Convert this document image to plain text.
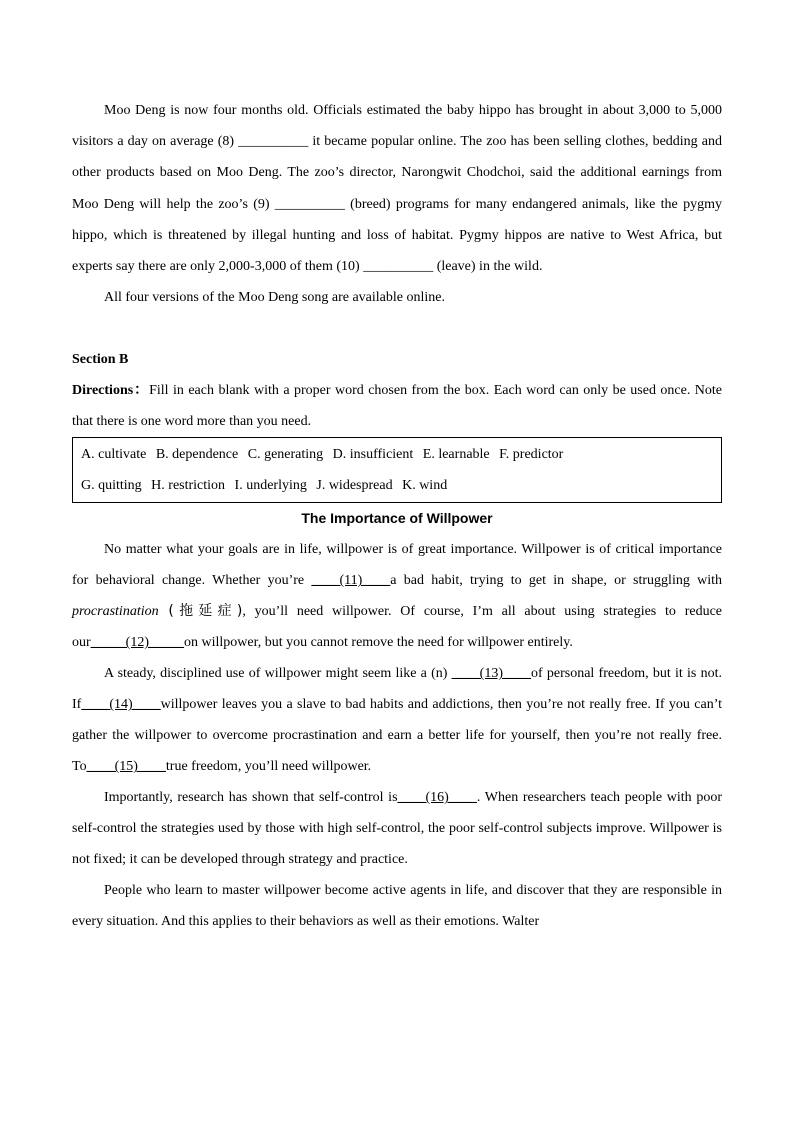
Moo Deng is now four months old. Officials estimated the baby hippo has brought in about 3,000 to 5,000 visitors a day on average (8) __________ it became popular online. The zoo has been selling clothes, bedding and other products based on Moo Deng. The zoo’s director, Narongwit Chodchoi, said the additional earnings from Moo Deng will help the zoo’s (9) __________ (breed) programs for many endangered animals, like the pygmy hippo, which is threatened by illegal hunting and loss of habitat. Pygmy hippos are native to West Africa, but experts say there are only 2,000-3,000 of them (10) __________ (leave) in the wild.

All four versions of the Moo Deng song are available online.

Section B

Directions：Fill in each blank with a proper word chosen from the box. Each word can only be used once. Note that there is one word more than you need.

A. cultivate B. dependence C. generating D. insufficient E. learnable F. predictor
G. quitting H. restriction I. underlying J. widespread K. wind

The Importance of Willpower

No matter what your goals are in life, willpower is of great importance. Willpower is of critical importance for behavioral change. Whether you’re ____(11)____a bad habit, trying to get in shape, or struggling with procrastination (拖延症), you’ll need willpower. Of course, I’m all about using strategies to reduce our_____(12)_____on willpower, but you cannot remove the need for willpower entirely.

A steady, disciplined use of willpower might seem like a (n) ____(13)____of personal freedom, but it is not. If____(14)____willpower leaves you a slave to bad habits and addictions, then you’re not really free. If you can’t gather the willpower to overcome procrastination and earn a better life for yourself, then you’re not really free. To____(15)____true freedom, you’ll need willpower.

Importantly, research has shown that self-control is____(16)____. When researchers teach people with poor self-control the strategies used by those with high self-control, the poor self-control subjects improve. Willpower is not fixed; it can be developed through strategy and practice.

People who learn to master willpower become active agents in life, and discover that they are responsible in every situation. And this applies to their behaviors as well as their emotions. Walter
